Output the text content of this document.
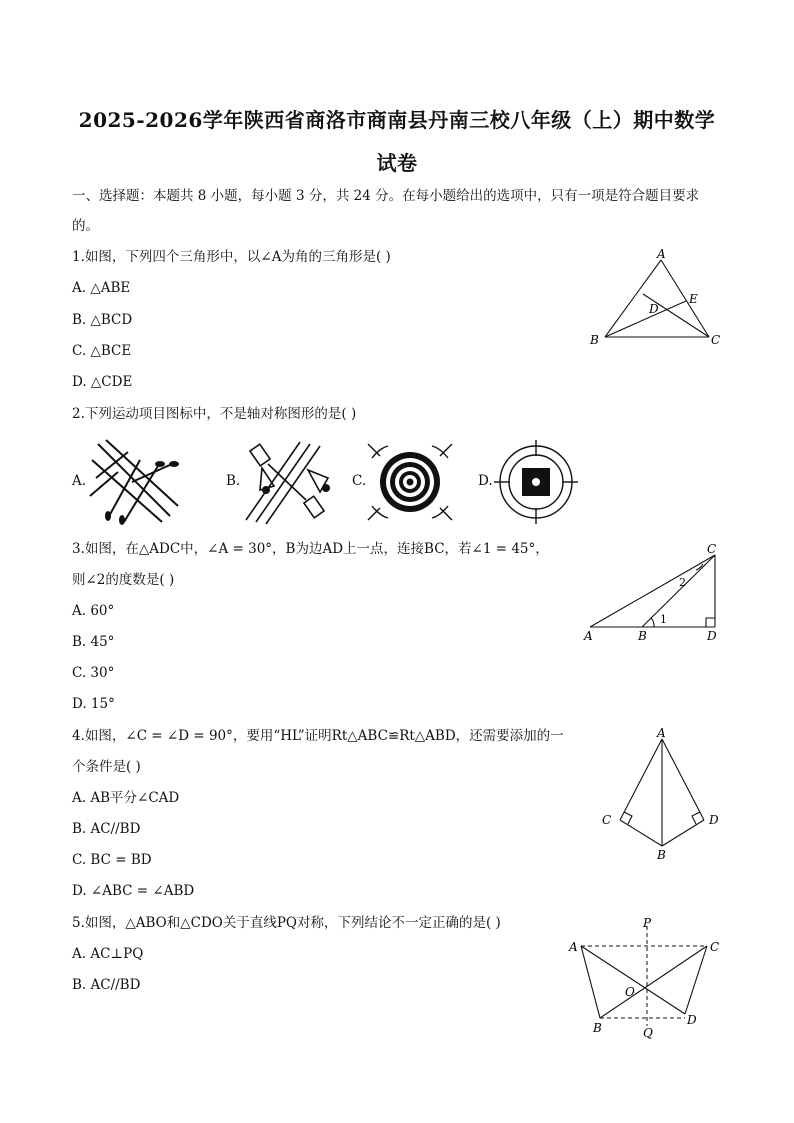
2025-2026学年陕西省商洛市商南县丹南三校八年级（上）期中数学
试卷
一、选择题：本题共 8 小题，每小题 3 分，共 24 分。在每小题给出的选项中，只有一项是符合题目要求
的。
1.如图，下列四个三角形中，以∠A为角的三角形是( )
A. △ABE
B. △BCD
C. △BCE
D. △CDE
A
B	C
D
E
2.下列运动项目图标中，不是轴对称图形的是( )
A.	B.	C.	D.
3.如图，在△ADC中，∠A = 30°，B为边AD上一点，连接BC，若∠1 = 45°，
则∠2的度数是( )
A. 60°
B. 45°
C. 30°
D. 15°
A	B
C
D
1
2
4.如图，∠C = ∠D = 90°，要用“HL”证明Rt△ABC≌Rt△ABD，还需要添加的一
个条件是( )
A. AB平分∠CAD
B. AC//BD
C. BC = BD
D. ∠ABC = ∠ABD
A
B
C	D
5.如图，△ABO和△CDO关于直线PQ对称，下列结论不一定正确的是( )
A. AC⊥PQ
B. AC//BD
P
Q
A
B
C
D
O
